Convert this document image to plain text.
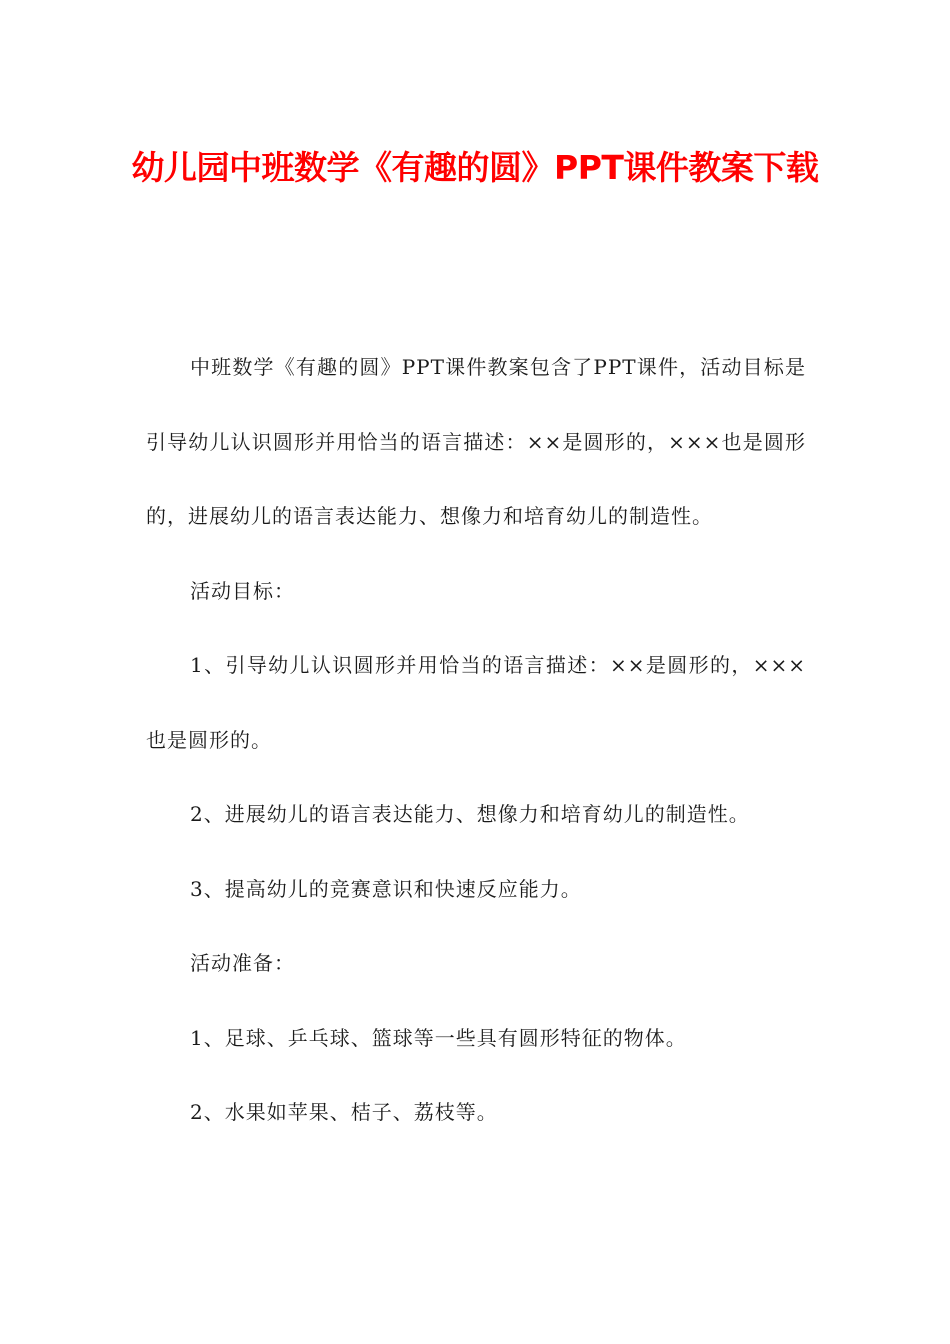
幼儿园中班数学《有趣的圆》PPT课件教案下载

中班数学《有趣的圆》PPT课件教案包含了PPT课件，活动目标是引导幼儿认识圆形并用恰当的语言描述：××是圆形的，×××也是圆形的，进展幼儿的语言表达能力、想像力和培育幼儿的制造性。

活动目标：

1、引导幼儿认识圆形并用恰当的语言描述：××是圆形的，×××也是圆形的。

2、进展幼儿的语言表达能力、想像力和培育幼儿的制造性。

3、提高幼儿的竞赛意识和快速反应能力。

活动准备：

1、足球、乒乓球、篮球等一些具有圆形特征的物体。

2、水果如苹果、桔子、荔枝等。
